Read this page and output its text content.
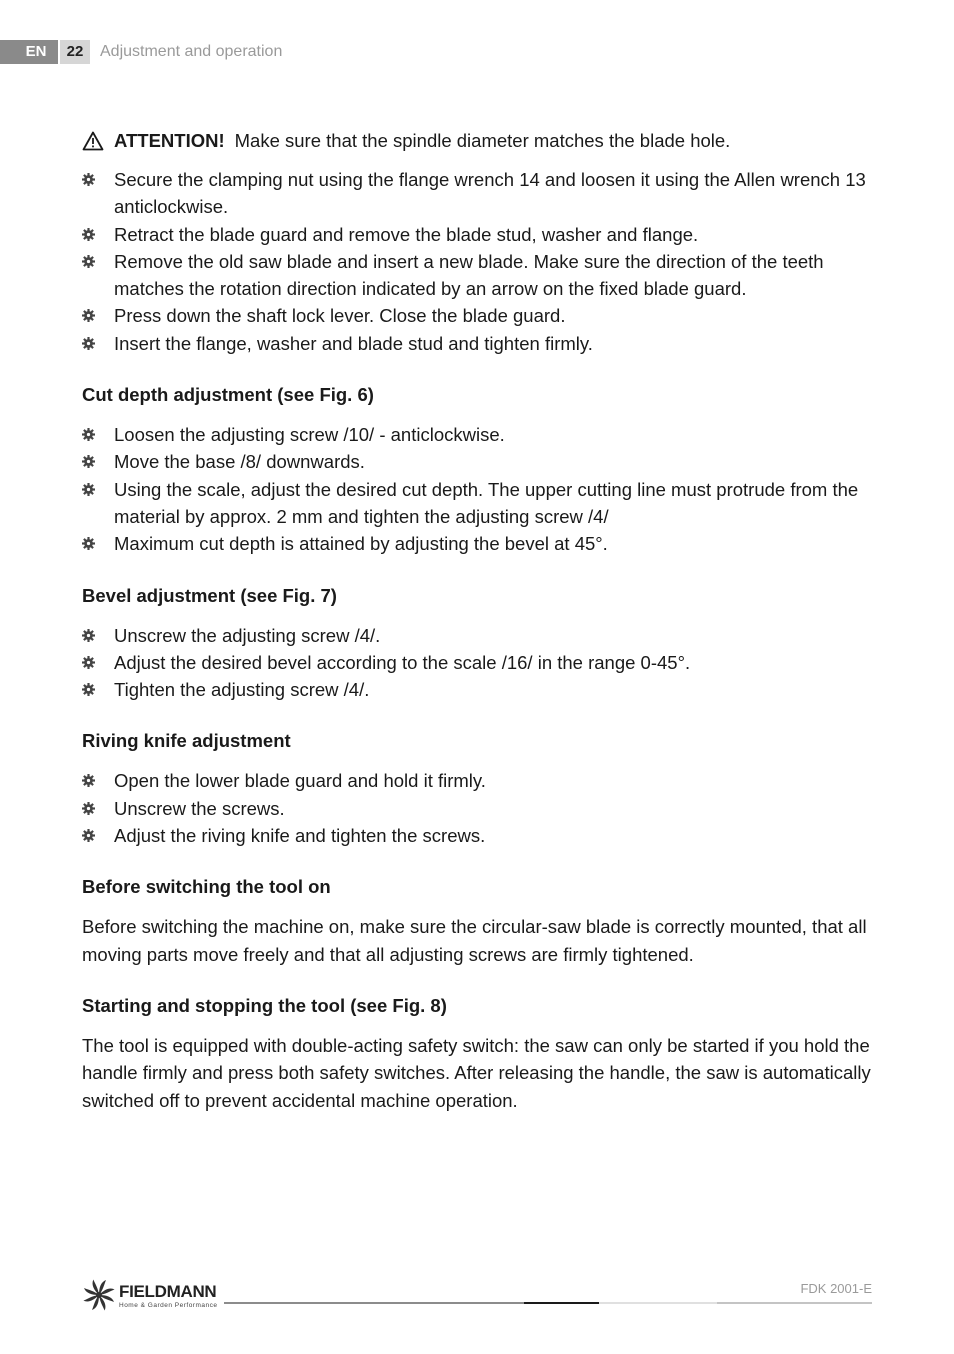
EN	22	Adjustment and operation
ATTENTION! Make sure that the spindle diameter matches the blade hole.
Secure the clamping nut using the flange wrench 14 and loosen it using the Allen wrench 13 anticlockwise.
Retract the blade guard and remove the blade stud, washer and flange.
Remove the old saw blade and insert a new blade. Make sure the direction of the teeth matches the rotation direction indicated by an arrow on the fixed blade guard.
Press down the shaft lock lever. Close the blade guard.
Insert the flange, washer and blade stud and tighten firmly.
Cut depth adjustment (see Fig. 6)
Loosen the adjusting screw /10/ - anticlockwise.
Move the base /8/ downwards.
Using the scale, adjust the desired cut depth. The upper cutting line must protrude from the material by approx. 2 mm and tighten the adjusting screw /4/
Maximum cut depth is attained by adjusting the bevel at 45°.
Bevel adjustment (see Fig. 7)
Unscrew the adjusting screw /4/.
Adjust the desired bevel according to the scale /16/ in the range 0-45°.
Tighten the adjusting screw /4/.
Riving knife adjustment
Open the lower blade guard and hold it firmly.
Unscrew the screws.
Adjust the riving knife and tighten the screws.
Before switching the tool on

Before switching the machine on, make sure the circular-saw blade is correctly mounted, that all moving parts move freely and that all adjusting screws are firmly tightened.

Starting and stopping the tool (see Fig. 8)

The tool is equipped with double-acting safety switch: the saw can only be started if you hold the handle firmly and press both safety switches. After releasing the handle, the saw is automatically switched off to prevent accidental machine operation.

FIELDMANN
Home & Garden Performance
FDK 2001-E
